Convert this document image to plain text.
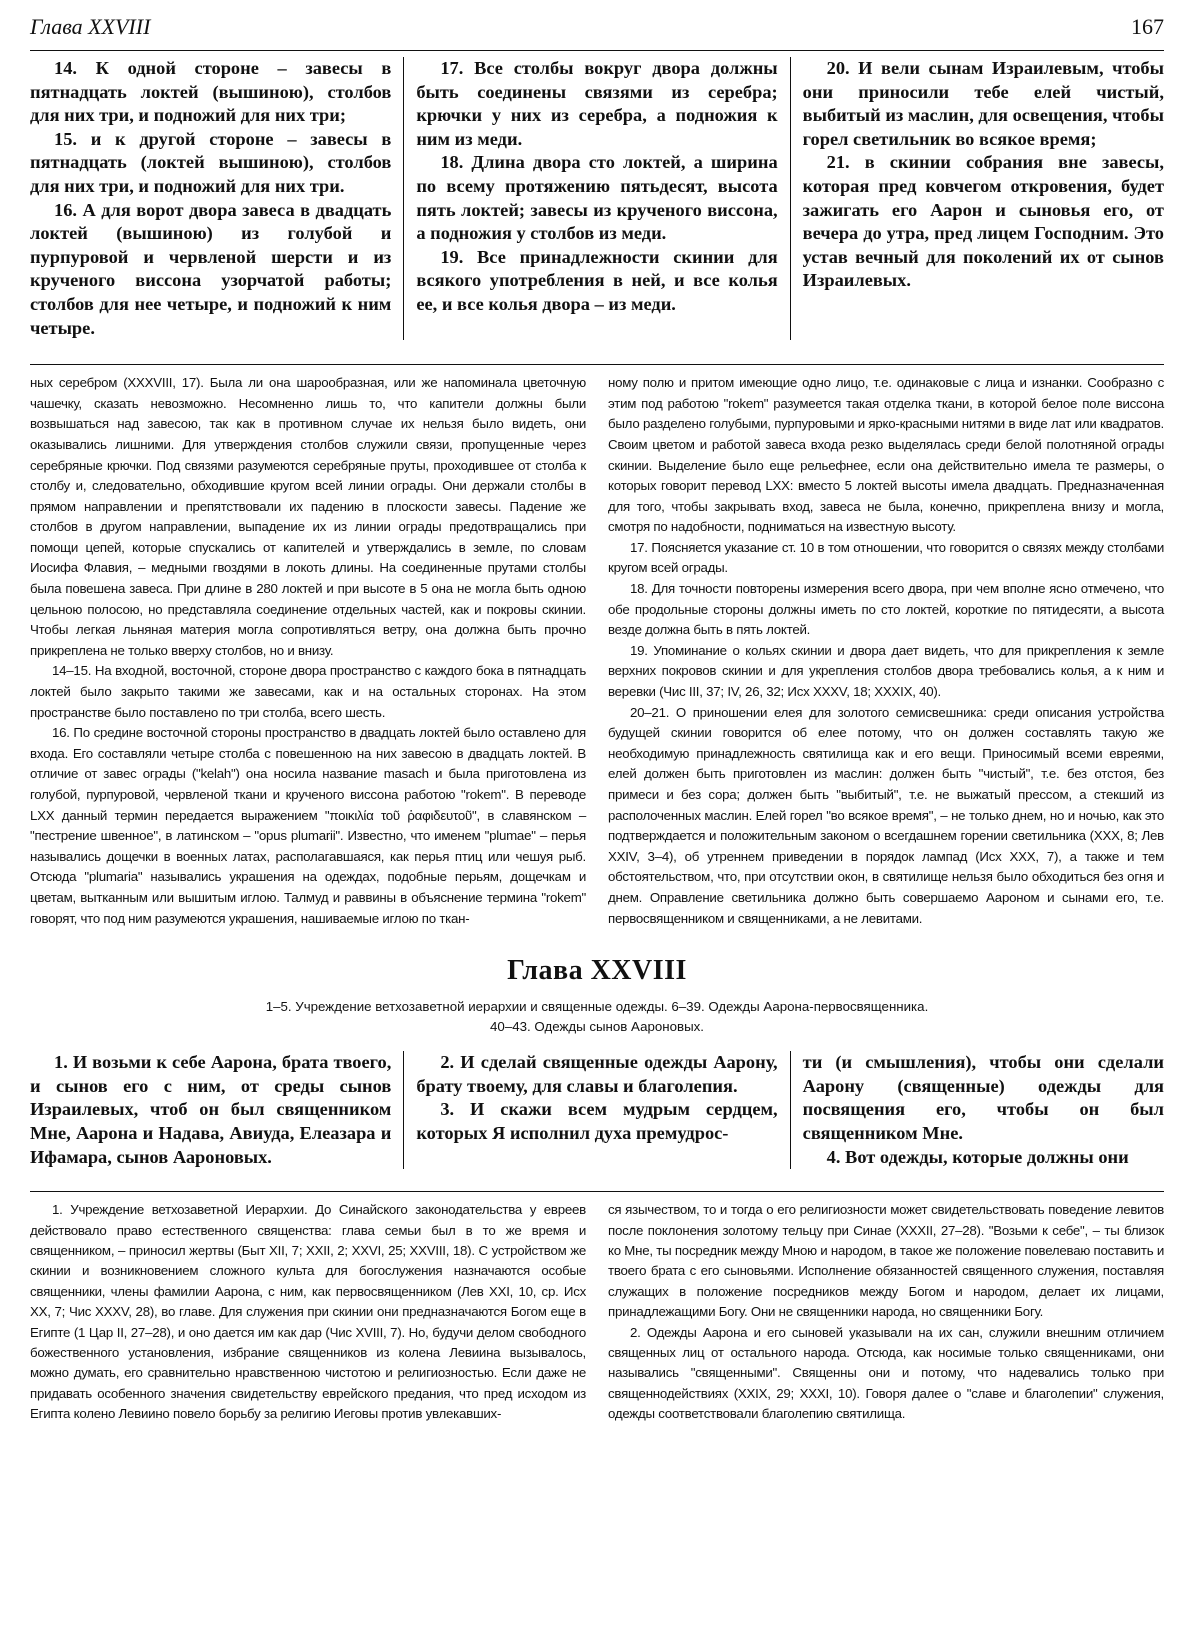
Глава XXVIII	167

14. К одной стороне – завесы в пятнадцать локтей (вышиною), столбов для них три, и подножий для них три;

15. и к другой стороне – завесы в пятнадцать (локтей вышиною), столбов для них три, и подножий для них три.

16. А для ворот двора завеса в двадцать локтей (вышиною) из голубой и пурпуровой и червленой шерсти и из крученого виссона узорчатой работы; столбов для нее четыре, и подножий к ним четыре.

17. Все столбы вокруг двора должны быть соединены связями из серебра; крючки у них из серебра, а подножия к ним из меди.

18. Длина двора сто локтей, а ширина по всему протяжению пятьдесят, высота пять локтей; завесы из крученого виссона, а подножия у столбов из меди.

19. Все принадлежности скинии для всякого употребления в ней, и все колья ее, и все колья двора – из меди.

20. И вели сынам Израилевым, чтобы они приносили тебе елей чистый, выбитый из маслин, для освещения, чтобы горел светильник во всякое время;

21. в скинии собрания вне завесы, которая пред ковчегом откровения, будет зажигать его Аарон и сыновья его, от вечера до утра, пред лицем Господним. Это устав вечный для поколений их от сынов Израилевых.

ных серебром (XXXVIII, 17). Была ли она шарообразная, или же напоминала цветочную чашечку, сказать невозможно. Несомненно лишь то, что капители должны были возвышаться над завесою, так как в противном случае их нельзя было видеть, они оказывались лишними. Для утверждения столбов служили связи, пропущенные через серебряные крючки. Под связями разумеются серебряные пруты, проходившее от столба к столбу и, следовательно, обходившие кругом всей линии ограды. Они держали столбы в прямом направлении и препятствовали их падению в плоскости завесы. Падение же столбов в другом направлении, выпадение их из линии ограды предотвращались при помощи цепей, которые спускались от капителей и утверждались в земле, по словам Иосифа Флавия, – медными гвоздями в локоть длины. На соединенные прутами столбы была повешена завеса. При длине в 280 локтей и при высоте в 5 она не могла быть одною цельною полосою, но представляла соединение отдельных частей, как и покровы скинии. Чтобы легкая льняная материя могла сопротивляться ветру, она должна быть прочно прикреплена не только вверху столбов, но и внизу.

14–15. На входной, восточной, стороне двора пространство с каждого бока в пятнадцать локтей было закрыто такими же завесами, как и на остальных сторонах. На этом пространстве было поставлено по три столба, всего шесть.

16. По средине восточной стороны пространство в двадцать локтей было оставлено для входа. Его составляли четыре столба с повешенною на них завесою в двадцать локтей. В отличие от завес ограды ("kelah") она носила название masach и была приготовлена из голубой, пурпуровой, червленой ткани и крученого виссона работою "rokem". В переводе LXX данный термин передается выражением "ποικιλία τοῦ ῥαφιδευτοῦ", в славянском – "пестрение швенное", в латинском – "opus plumarii". Известно, что именем "plumae" – перья назывались дощечки в военных латах, располагавшаяся, как перья птиц или чешуя рыб. Отсюда "plumaria" назывались украшения на одеждах, подобные перьям, дощечкам и цветам, вытканным или вышитым иглою. Талмуд и раввины в объяснение термина "rokem" говорят, что под ним разумеются украшения, нашиваемые иглою по ткан-

ному полю и притом имеющие одно лицо, т.е. одинаковые с лица и изнанки. Сообразно с этим под работою "rokem" разумеется такая отделка ткани, в которой белое поле виссона было разделено голубыми, пурпуровыми и ярко-красными нитями в виде лат или квадратов. Своим цветом и работой завеса входа резко выделялась среди белой полотняной ограды скинии. Выделение было еще рельефнее, если она действительно имела те размеры, о которых говорит перевод LXX: вместо 5 локтей высоты имела двадцать. Предназначенная для того, чтобы закрывать вход, завеса не была, конечно, прикреплена внизу и могла, смотря по надобности, подниматься на известную высоту.

17. Поясняется указание ст. 10 в том отношении, что говорится о связях между столбами кругом всей ограды.

18. Для точности повторены измерения всего двора, при чем вполне ясно отмечено, что обе продольные стороны должны иметь по сто локтей, короткие по пятидесяти, а высота везде должна быть в пять локтей.

19. Упоминание о кольях скинии и двора дает видеть, что для прикрепления к земле верхних покровов скинии и для укрепления столбов двора требовались колья, а к ним и веревки (Чис III, 37; IV, 26, 32; Исх XXXV, 18; XXXIX, 40).

20–21. О приношении елея для золотого семисвешника: среди описания устройства будущей скинии говорится об елее потому, что он должен составлять такую же необходимую принадлежность святилища как и его вещи. Приносимый всеми евреями, елей должен быть приготовлен из маслин: должен быть "чистый", т.е. без отстоя, без примеси и без сора; должен быть "выбитый", т.е. не выжатый прессом, а стекший из располоченных маслин. Елей горел "во всякое время", – не только днем, но и ночью, как это подтверждается и положительным законом о всегдашнем горении светильника (XXX, 8; Лев XXIV, 3–4), об утреннем приведении в порядок лампад (Исх XXX, 7), а также и тем обстоятельством, что, при отсутствии окон, в святилище нельзя было обходиться без огня и днем. Оправление светильника должно быть совершаемо Аароном и сынами его, т.е. первосвященником и священниками, а не левитами.

Глава XXVIII
1–5. Учреждение ветхозаветной иерархии и священные одежды. 6–39. Одежды Аарона-первосвященника.
40–43. Одежды сынов Аароновых.

1. И возьми к себе Аарона, брата твоего, и сынов его с ним, от среды сынов Израилевых, чтоб он был священником Мне, Аарона и Надава, Авиуда, Елеазара и Ифамара, сынов Аароновых.

2. И сделай священные одежды Аарону, брату твоему, для славы и благолепия.

3. И скажи всем мудрым сердцем, которых Я исполнил духа премудрос-

ти (и смышления), чтобы они сделали Аарону (священные) одежды для посвящения его, чтобы он был священником Мне.

4. Вот одежды, которые должны они

1. Учреждение ветхозаветной Иерархии. До Синайского законодательства у евреев действовало право естественного священства: глава семьи был в то же время и священником, – приносил жертвы (Быт XII, 7; XXII, 2; XXVI, 25; XXVIII, 18). С устройством же скинии и возникновением сложного культа для богослужения назначаются особые священники, члены фамилии Аарона, с ним, как первосвященником (Лев XXI, 10, ср. Исх XX, 7; Чис XXXV, 28), во главе. Для служения при скинии они предназначаются Богом еще в Египте (1 Цар II, 27–28), и оно дается им как дар (Чис XVIII, 7). Но, будучи делом свободного божественного установления, избрание священников из колена Левиина вызывалось, можно думать, его сравнительно нравственною чистотою и религиозностью. Если даже не придавать особенного значения свидетельству еврейского предания, что пред исходом из Египта колено Левиино повело борьбу за религию Иеговы против увлекавших-

ся язычеством, то и тогда о его религиозности может свидетельствовать поведение левитов после поклонения золотому тельцу при Синае (XXXII, 27–28). "Возьми к себе", – ты близок ко Мне, ты посредник между Мною и народом, в такое же положение повелеваю поставить и твоего брата с его сыновьями. Исполнение обязанностей священного служения, поставляя служащих в положение посредников между Богом и народом, делает их лицами, принадлежащими Богу. Они не священники народа, но священники Богу.

2. Одежды Аарона и его сыновей указывали на их сан, служили внешним отличием священных лиц от остального народа. Отсюда, как носимые только священниками, они назывались "священными". Священны они и потому, что надевались только при священнодействиях (XXIX, 29; XXXI, 10). Говоря далее о "славе и благолепии" служения, одежды соответствовали благолепию святилища.
